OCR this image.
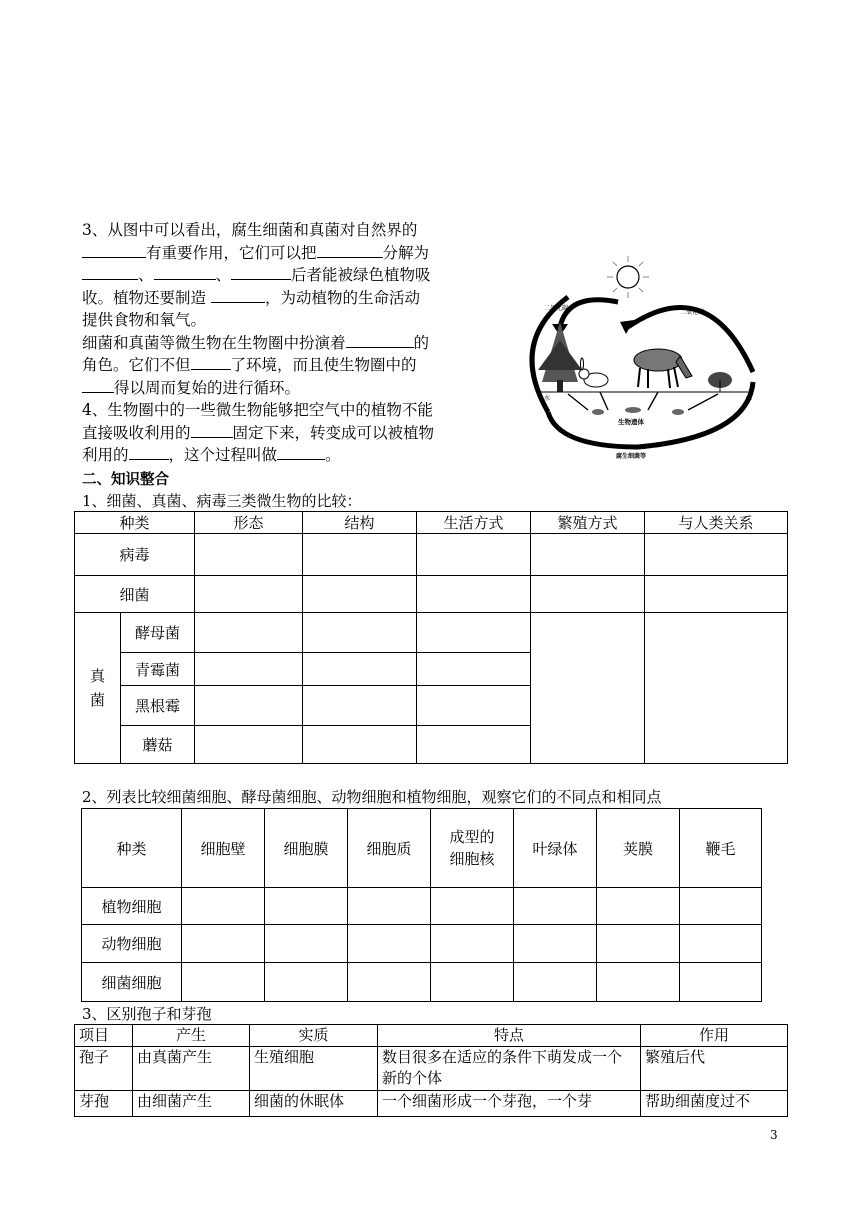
3、从图中可以看出，腐生细菌和真菌对自然界的

有重要作用，它们可以把	分解为

、	、	后者能被绿色植物吸

收。植物还要制造	，为动植物的生命活动

提供食物和氧气。

细菌和真菌等微生物在生物圈中扮演着	的

角色。它们不但	了环境，而且使生物圈中的

得以周而复始的进行循环。

4、生物圈中的一些微生物能够把空气中的植物不能

直接吸收利用的	固定下来，转变成可以被植物

利用的	，这个过程叫做	。

二氧化碳
二氧化碳
水	水
生物遗体
腐生细菌等
二、知识整合
1、细菌、真菌、病毒三类微生物的比较：
种类		形态	结构	生活方式	繁殖方式	与人类关系
病毒						
细菌						
真
菌	酵母菌					
	青霉菌					
	黑根霉					
	蘑菇					
2、列表比较细菌细胞、酵母菌细胞、动物细胞和植物细胞，观察它们的不同点和相同点
种类	细胞壁	细胞膜	细胞质	成型的
细胞核	叶绿体	荚膜	鞭毛
植物细胞							
动物细胞							
细菌细胞							
3、区别孢子和芽孢
项目	产生	实质	特点	作用
孢子	由真菌产生	生殖细胞	数目很多在适应的条件下萌发成一个新的个体	繁殖后代
芽孢	由细菌产生	细菌的休眠体	一个细菌形成一个芽孢，一个芽	帮助细菌度过不
3
